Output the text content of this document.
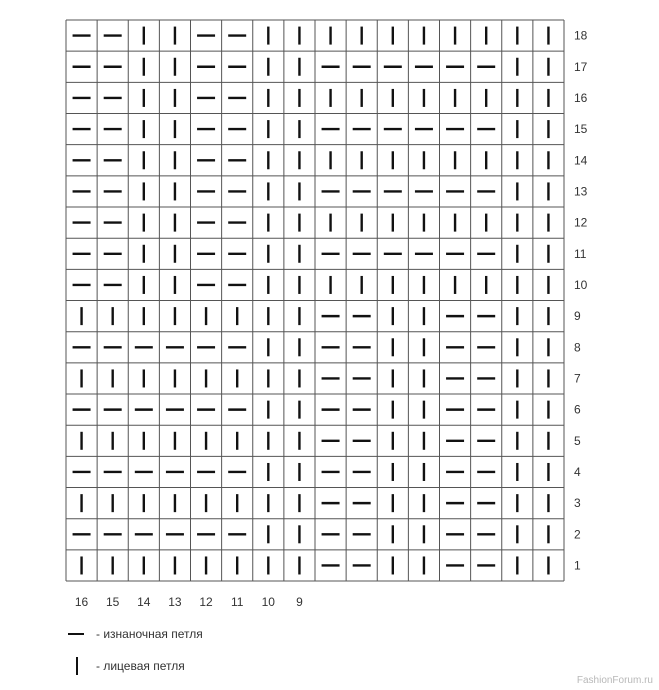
18
17
16
15
14
13
12
11
10
9
8
7
6
5
4
3
2
1
16 15 14 13 12 11 10 9
- изнаночная петля
- лицевая петля
FashionForum.ru
